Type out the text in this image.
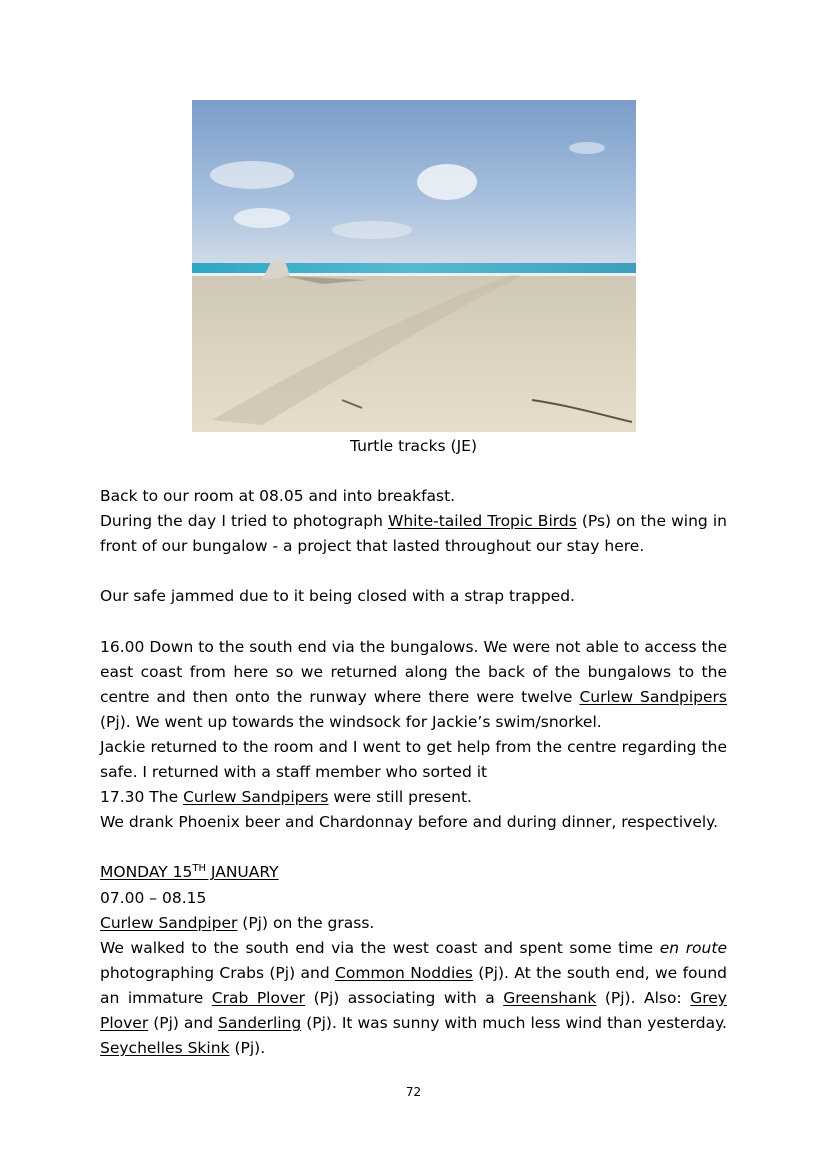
Turtle tracks (JE)

Back to our room at 08.05 and into breakfast.

During the day I tried to photograph White-tailed Tropic Birds (Ps) on the wing in front of our bungalow - a project that lasted throughout our stay here.

Our safe jammed due to it being closed with a strap trapped.

16.00 Down to the south end via the bungalows. We were not able to access the east coast from here so we returned along the back of the bungalows to the centre and then onto the runway where there were twelve Curlew Sandpipers (Pj). We went up towards the windsock for Jackie’s swim/snorkel.

Jackie returned to the room and I went to get help from the centre regarding the safe. I returned with a staff member who sorted it

17.30 The Curlew Sandpipers were still present.

We drank Phoenix beer and Chardonnay before and during dinner, respectively.

MONDAY 15TH JANUARY

07.00 – 08.15

Curlew Sandpiper (Pj) on the grass.

We walked to the south end via the west coast and spent some time en route photographing Crabs (Pj) and Common Noddies (Pj). At the south end, we found an immature Crab Plover (Pj) associating with a Greenshank (Pj). Also: Grey Plover (Pj) and Sanderling (Pj). It was sunny with much less wind than yesterday. Seychelles Skink (Pj).

72
